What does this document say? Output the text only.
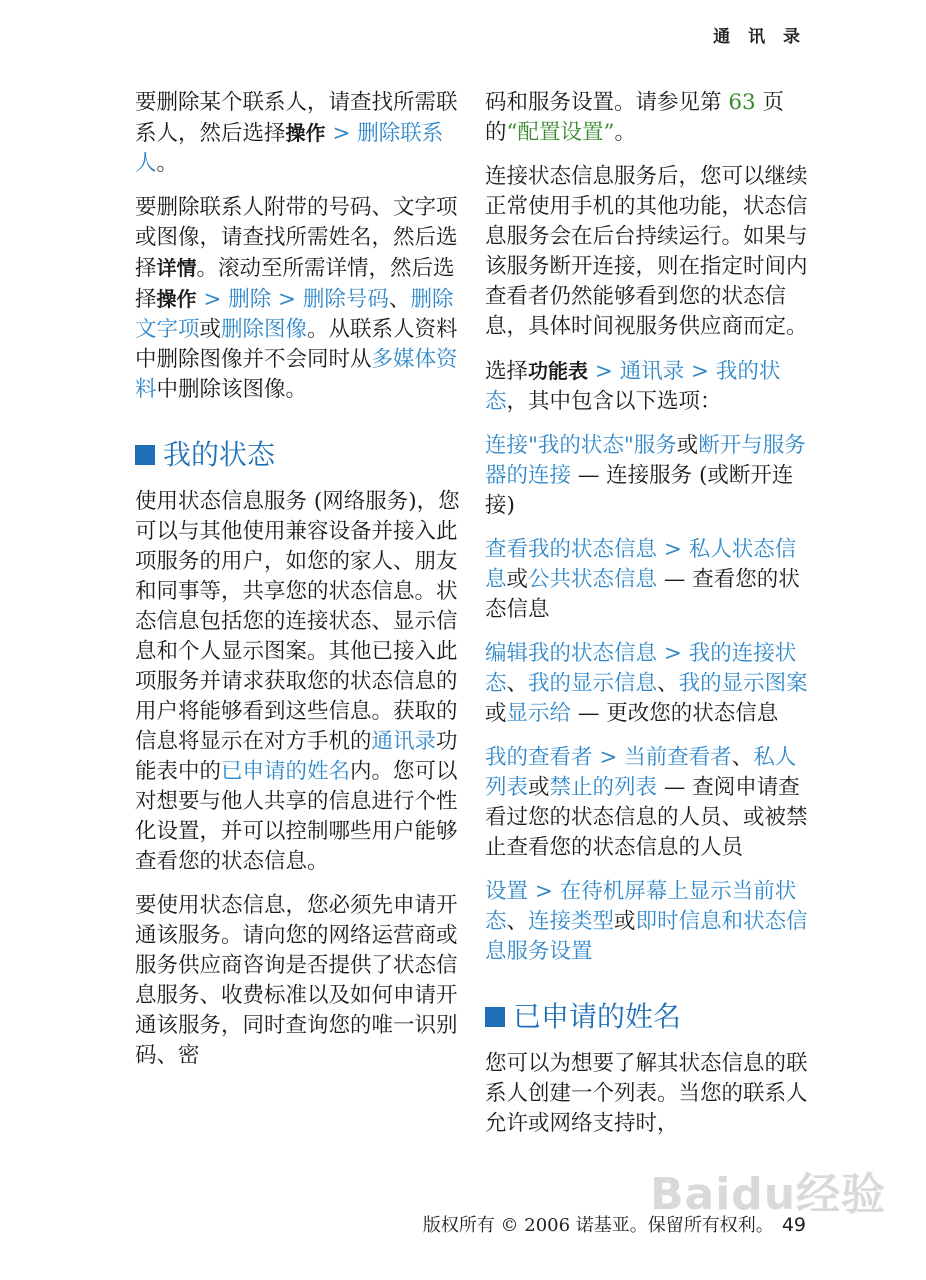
通 讯 录

要删除某个联系人，请查找所需联系人，然后选择操作 > 删除联系人。

要删除联系人附带的号码、文字项或图像，请查找所需姓名，然后选择详情。滚动至所需详情，然后选择操作 > 删除 > 删除号码、删除文字项或删除图像。从联系人资料中删除图像并不会同时从多媒体资料中删除该图像。

我的状态

使用状态信息服务 (网络服务)，您可以与其他使用兼容设备并接入此项服务的用户，如您的家人、朋友和同事等，共享您的状态信息。状态信息包括您的连接状态、显示信息和个人显示图案。其他已接入此项服务并请求获取您的状态信息的用户将能够看到这些信息。获取的信息将显示在对方手机的通讯录功能表中的已申请的姓名内。您可以对想要与他人共享的信息进行个性化设置，并可以控制哪些用户能够查看您的状态信息。

要使用状态信息，您必须先申请开通该服务。请向您的网络运营商或服务供应商咨询是否提供了状态信息服务、收费标准以及如何申请开通该服务，同时查询您的唯一识别码、密

码和服务设置。请参见第 63 页的“配置设置”。

连接状态信息服务后，您可以继续正常使用手机的其他功能，状态信息服务会在后台持续运行。如果与该服务断开连接，则在指定时间内查看者仍然能够看到您的状态信息，具体时间视服务供应商而定。

选择功能表 > 通讯录 > 我的状态，其中包含以下选项：

连接"我的状态"服务或断开与服务器的连接 — 连接服务 (或断开连接)

查看我的状态信息 > 私人状态信息或公共状态信息 — 查看您的状态信息

编辑我的状态信息 > 我的连接状态、我的显示信息、我的显示图案或显示给 — 更改您的状态信息

我的查看者 > 当前查看者、私人列表或禁止的列表 — 查阅申请查看过您的状态信息的人员、或被禁止查看您的状态信息的人员

设置 > 在待机屏幕上显示当前状态、连接类型或即时信息和状态信息服务设置

已申请的姓名

您可以为想要了解其状态信息的联系人创建一个列表。当您的联系人允许或网络支持时，

Baidu经验
版权所有 © 2006 诺基亚。保留所有权利。 49
